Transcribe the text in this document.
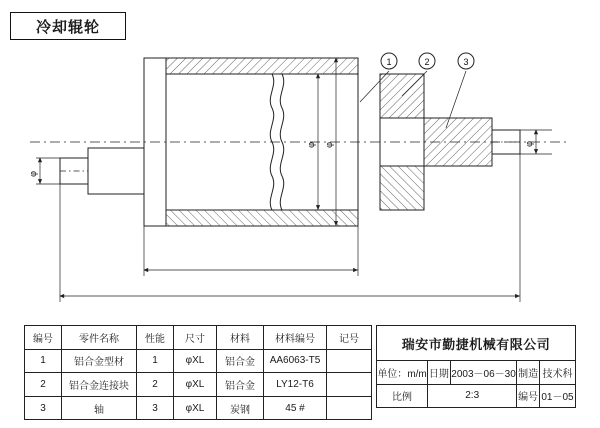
冷却辊轮
1	2	3
φ
φ φ	φ
编号	零件名称	性能	尺寸	材料	材料编号	记号
1	铝合金型材	1	φXL	铝合金	AA6063-T5	
2	铝合金连接块	2	φXL	铝合金	LY12-T6	
3	轴	3	φXL	炭钢	45 #	
瑞安市勤捷机械有限公司				
单位：m/m	日期	2003－06－30	制造	技术科
比例	2:3		编号	01－05
